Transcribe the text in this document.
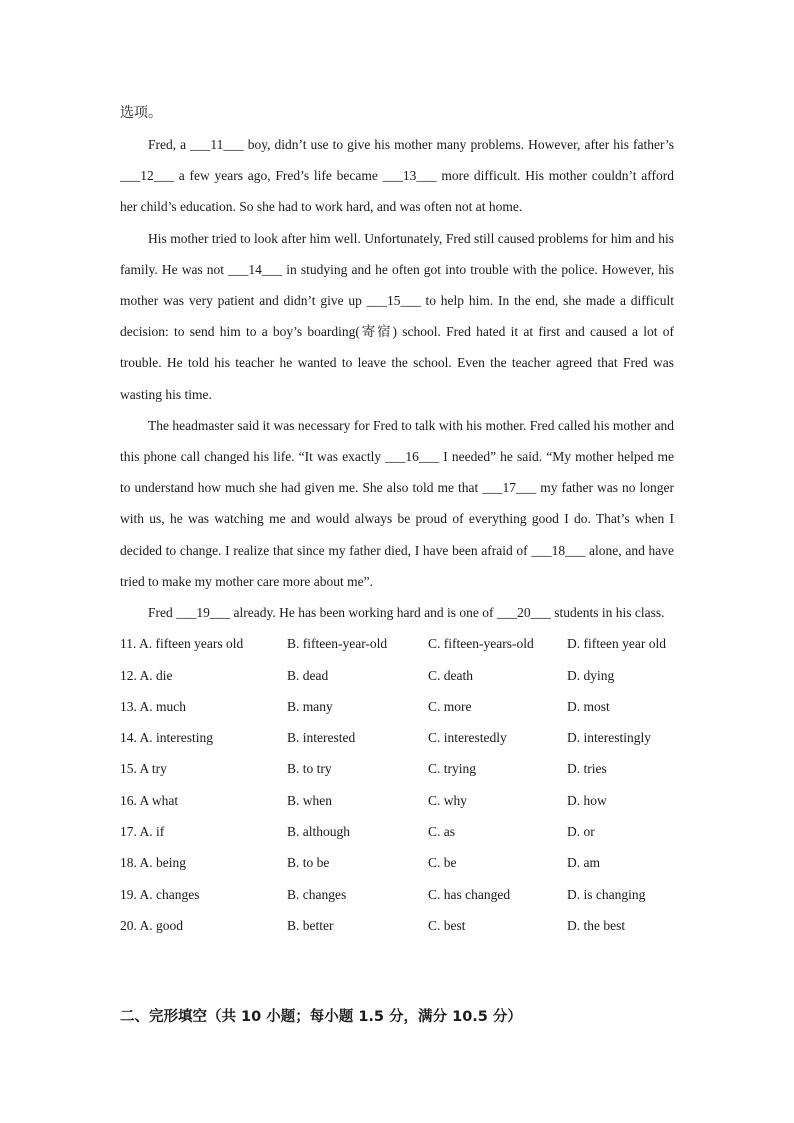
选项。

Fred, a ___11___ boy, didn’t use to give his mother many problems. However, after his father’s ___12___ a few years ago, Fred’s life became ___13___ more difficult. His mother couldn’t afford her child’s education. So she had to work hard, and was often not at home.

His mother tried to look after him well. Unfortunately, Fred still caused problems for him and his family. He was not ___14___ in studying and he often got into trouble with the police. However, his mother was very patient and didn’t give up ___15___ to help him. In the end, she made a difficult decision: to send him to a boy’s boarding(寄宿) school. Fred hated it at first and caused a lot of trouble. He told his teacher he wanted to leave the school. Even the teacher agreed that Fred was wasting his time.

The headmaster said it was necessary for Fred to talk with his mother. Fred called his mother and this phone call changed his life. “It was exactly ___16___ I needed” he said. “My mother helped me to understand how much she had given me. She also told me that ___17___ my father was no longer with us, he was watching me and would always be proud of everything good I do. That’s when I decided to change. I realize that since my father died, I have been afraid of ___18___ alone, and have tried to make my mother care more about me”.

Fred ___19___ already. He has been working hard and is one of ___20___ students in his class.

11. A. fifteen years old	B. fifteen-year-old	C. fifteen-years-old	D. fifteen year old
12. A. die	B. dead	C. death	D. dying
13. A. much	B. many	C. more	D. most
14. A. interesting	B. interested	C. interestedly	D. interestingly
15. A try	B. to try	C. trying	D. tries
16. A what	B. when	C. why	D. how
17. A. if	B. although	C. as	D. or
18. A. being	B. to be	C. be	D. am
19. A. changes	B. changes	C. has changed	D. is changing
20. A. good	B. better	C. best	D. the best
二、完形填空（共 10 小题；每小题 1.5 分，满分 10.5 分）
